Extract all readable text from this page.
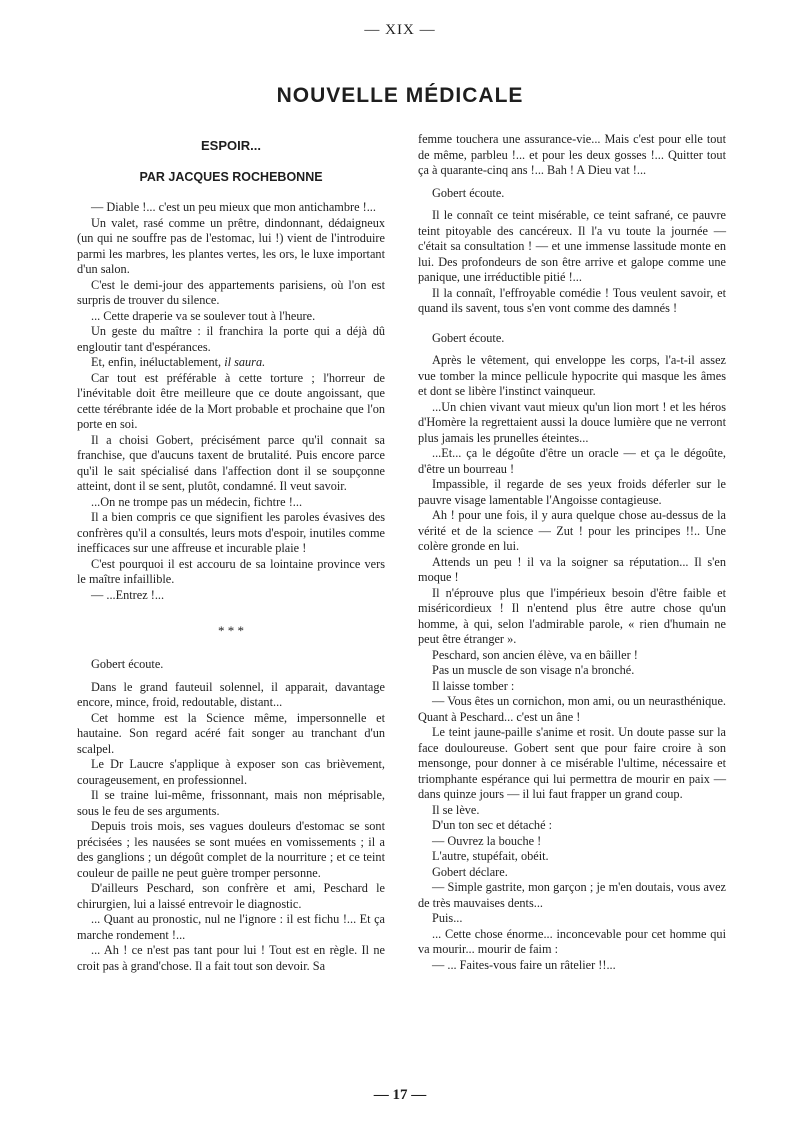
— XIX —
NOUVELLE MÉDICALE
ESPOIR...
PAR JACQUES ROCHEBONNE

— Diable !... c'est un peu mieux que mon antichambre !...

Un valet, rasé comme un prêtre, dindonnant, dédaigneux (un qui ne souffre pas de l'estomac, lui !) vient de l'introduire parmi les marbres, les plantes vertes, les ors, le luxe important d'un salon.

C'est le demi-jour des appartements parisiens, où l'on est surpris de trouver du silence.

... Cette draperie va se soulever tout à l'heure.

Un geste du maître : il franchira la porte qui a déjà dû engloutir tant d'espérances.

Et, enfin, inéluctablement, il saura.

Car tout est préférable à cette torture ; l'horreur de l'inévitable doit être meilleure que ce doute angoissant, que cette térébrante idée de la Mort probable et prochaine que l'on porte en soi.

Il a choisi Gobert, précisément parce qu'il connait sa franchise, que d'aucuns taxent de brutalité. Puis encore parce qu'il le sait spécialisé dans l'affection dont il se soupçonne atteint, dont il se sent, plutôt, condamné. Il veut savoir.

...On ne trompe pas un médecin, fichtre !...

Il a bien compris ce que signifient les paroles évasives des confrères qu'il a consultés, leurs mots d'espoir, inutiles comme inefficaces sur une affreuse et incurable plaie !

C'est pourquoi il est accouru de sa lointaine province vers le maître infaillible.

— ...Entrez !...

* * *

Gobert écoute.

Dans le grand fauteuil solennel, il apparait, davantage encore, mince, froid, redoutable, distant...

Cet homme est la Science même, impersonnelle et hautaine. Son regard acéré fait songer au tranchant d'un scalpel.

Le Dr Laucre s'applique à exposer son cas brièvement, courageusement, en professionnel.

Il se traine lui-même, frissonnant, mais non méprisable, sous le feu de ses arguments.

Depuis trois mois, ses vagues douleurs d'estomac se sont précisées ; les nausées se sont muées en vomissements ; il a des ganglions ; un dégoût complet de la nourriture ; et ce teint couleur de paille ne peut guère tromper personne.

D'ailleurs Peschard, son confrère et ami, Peschard le chirurgien, lui a laissé entrevoir le diagnostic.

... Quant au pronostic, nul ne l'ignore : il est fichu !... Et ça marche rondement !...

... Ah ! ce n'est pas tant pour lui ! Tout est en règle. Il ne croit pas à grand'chose. Il a fait tout son devoir. Sa

femme touchera une assurance-vie... Mais c'est pour elle tout de même, parbleu !... et pour les deux gosses !... Quitter tout ça à quarante-cinq ans !... Bah ! A Dieu vat !...

Gobert écoute.

Il le connaît ce teint misérable, ce teint safrané, ce pauvre teint pitoyable des cancéreux. Il l'a vu toute la journée — c'était sa consultation ! — et une immense lassitude monte en lui. Des profondeurs de son être arrive et galope comme une panique, une irréductible pitié !...

Il la connaît, l'effroyable comédie ! Tous veulent savoir, et quand ils savent, tous s'en vont comme des damnés !

Gobert écoute.

Après le vêtement, qui enveloppe les corps, l'a-t-il assez vue tomber la mince pellicule hypocrite qui masque les âmes et dont se libère l'instinct vainqueur.

...Un chien vivant vaut mieux qu'un lion mort ! et les héros d'Homère la regrettaient aussi la douce lumière que ne verront plus jamais les prunelles éteintes...

...Et... ça le dégoûte d'être un oracle — et ça le dégoûte, d'être un bourreau !

Impassible, il regarde de ses yeux froids déferler sur le pauvre visage lamentable l'Angoisse contagieuse.

Ah ! pour une fois, il y aura quelque chose au-dessus de la vérité et de la science — Zut ! pour les principes !!.. Une colère gronde en lui.

Attends un peu ! il va la soigner sa réputation... Il s'en moque !

Il n'éprouve plus que l'impérieux besoin d'être faible et miséricordieux ! Il n'entend plus être autre chose qu'un homme, à qui, selon l'admirable parole, « rien d'humain ne peut être étranger ».

Peschard, son ancien élève, va en bâiller !

Pas un muscle de son visage n'a bronché.

Il laisse tomber :

— Vous êtes un cornichon, mon ami, ou un neurasthénique. Quant à Peschard... c'est un âne !

Le teint jaune-paille s'anime et rosit. Un doute passe sur la face douloureuse. Gobert sent que pour faire croire à son mensonge, pour donner à ce misérable l'ultime, nécessaire et triomphante espérance qui lui permettra de mourir en paix — dans quinze jours — il lui faut frapper un grand coup.

Il se lève.

D'un ton sec et détaché :

— Ouvrez la bouche !

L'autre, stupéfait, obéit.

Gobert déclare.

— Simple gastrite, mon garçon ; je m'en doutais, vous avez de très mauvaises dents...

Puis...

... Cette chose énorme... inconcevable pour cet homme qui va mourir... mourir de faim :

— ... Faites-vous faire un râtelier !!...

— 17 —
